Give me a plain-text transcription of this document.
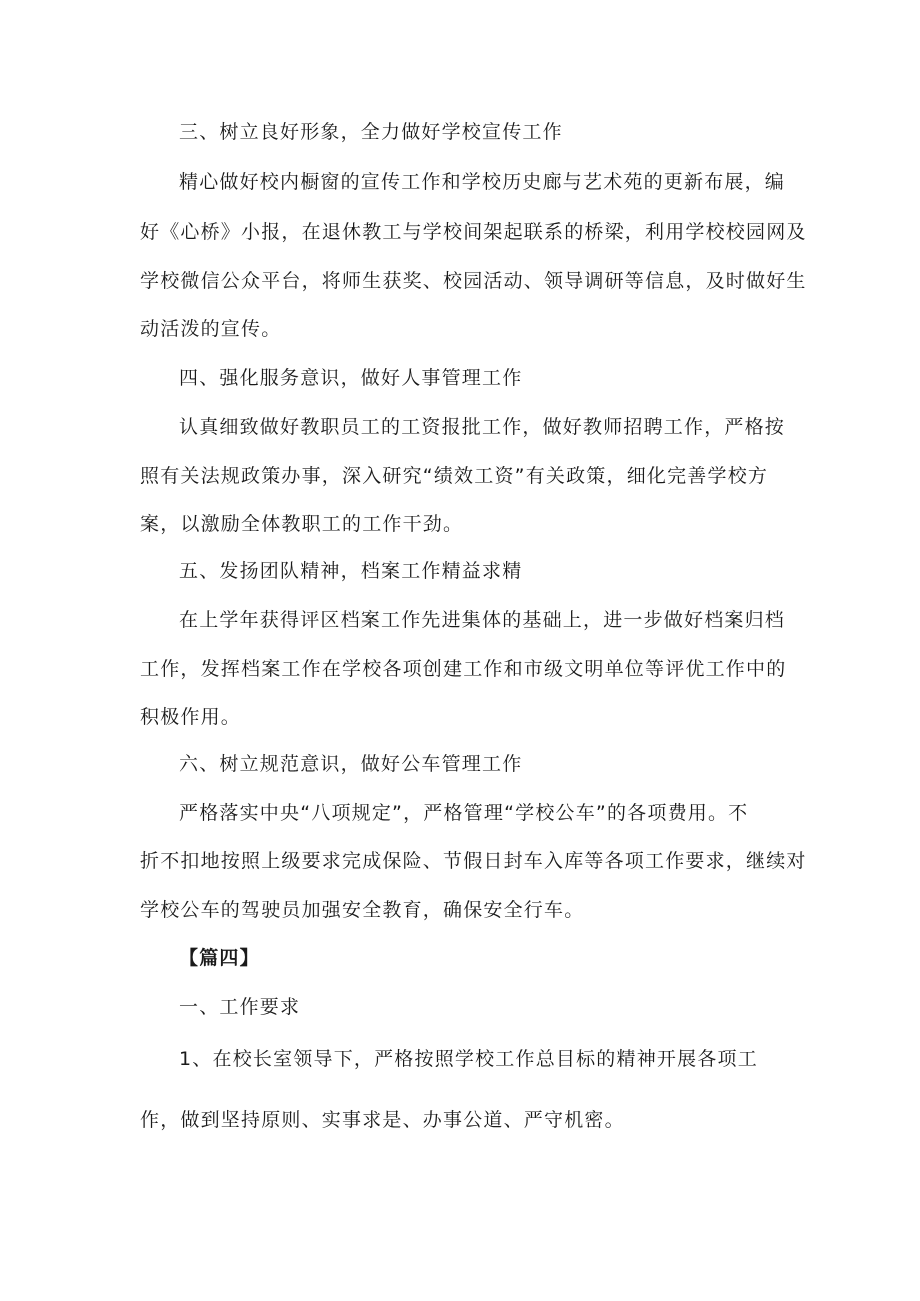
三、树立良好形象，全力做好学校宣传工作
精心做好校内橱窗的宣传工作和学校历史廊与艺术苑的更新布展，编
好《心桥》小报，在退休教工与学校间架起联系的桥梁，利用学校校园网及
学校微信公众平台，将师生获奖、校园活动、领导调研等信息，及时做好生
动活泼的宣传。
四、强化服务意识，做好人事管理工作
认真细致做好教职员工的工资报批工作，做好教师招聘工作，严格按
照有关法规政策办事，深入研究“绩效工资”有关政策，细化完善学校方
案，以激励全体教职工的工作干劲。
五、发扬团队精神，档案工作精益求精
在上学年获得评区档案工作先进集体的基础上，进一步做好档案归档
工作，发挥档案工作在学校各项创建工作和市级文明单位等评优工作中的
积极作用。
六、树立规范意识，做好公车管理工作
严格落实中央“八项规定”，严格管理“学校公车”的各项费用。不
折不扣地按照上级要求完成保险、节假日封车入库等各项工作要求，继续对
学校公车的驾驶员加强安全教育，确保安全行车。
【篇四】
一、工作要求
1、在校长室领导下，严格按照学校工作总目标的精神开展各项工
作，做到坚持原则、实事求是、办事公道、严守机密。
